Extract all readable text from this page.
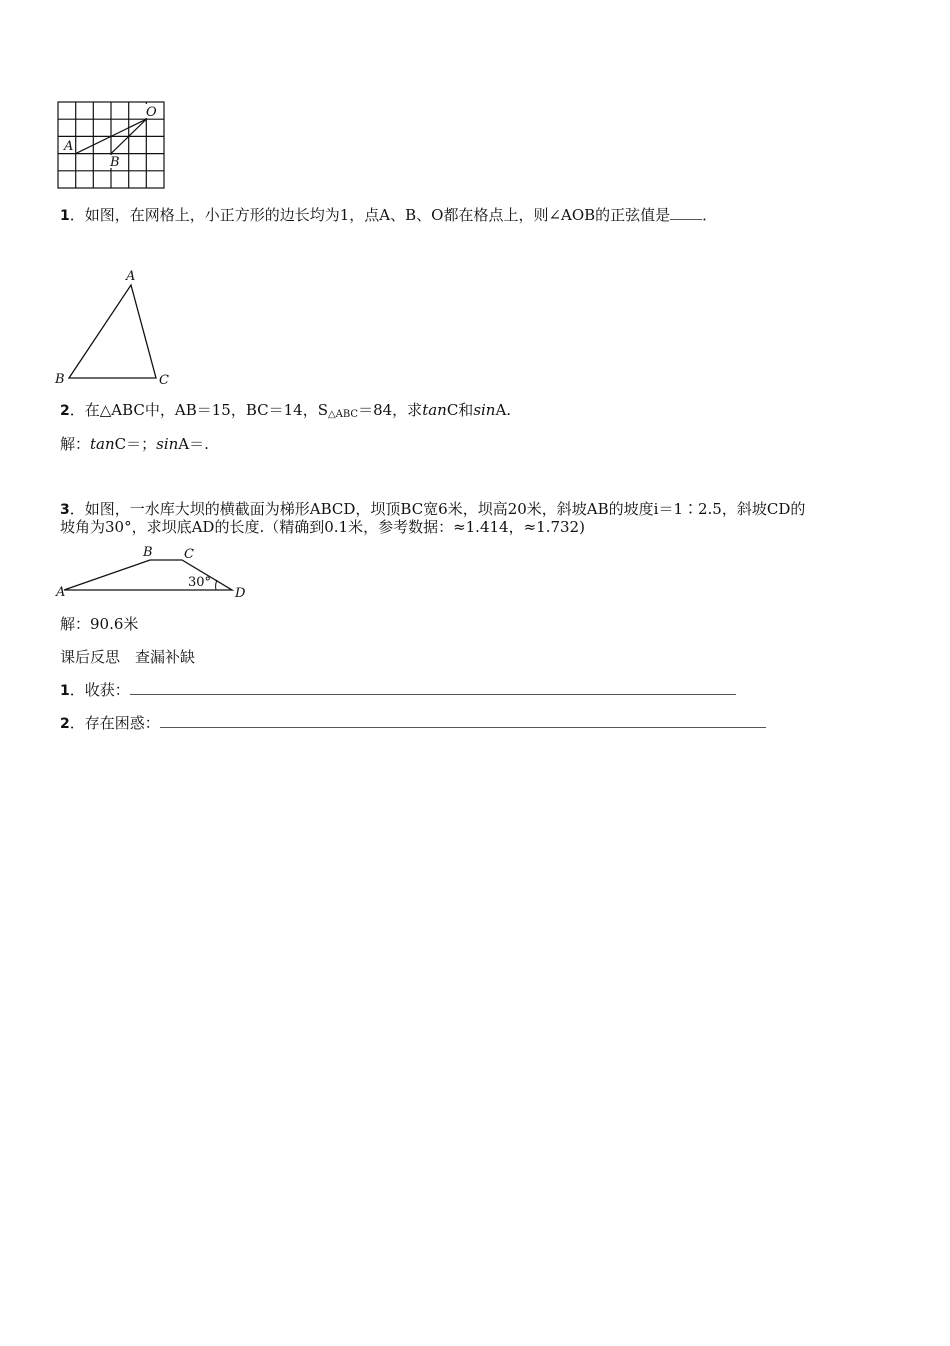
O
A
B
1．如图，在网格上，小正方形的边长均为1，点A、B、O都在格点上，则∠AOB的正弦值是 ．
A
B	C
2．在△ABC中，AB＝15，BC＝14，$S_{\triangle ABC}=84$，求tanC和sinA.
解：tanC＝；sinA＝.
3．如图，一水库大坝的横截面为梯形ABCD，坝顶BC宽6米，坝高20米，斜坡AB的坡度i＝1∶2.5，斜坡CD的
坡角为30°，求坝底AD的长度.（精确到0.1米，参考数据：≈1.414，≈1.732)
B C
A	D
30°
解：90.6米
课后反思　查漏补缺
1．收获：
2．存在困惑：
